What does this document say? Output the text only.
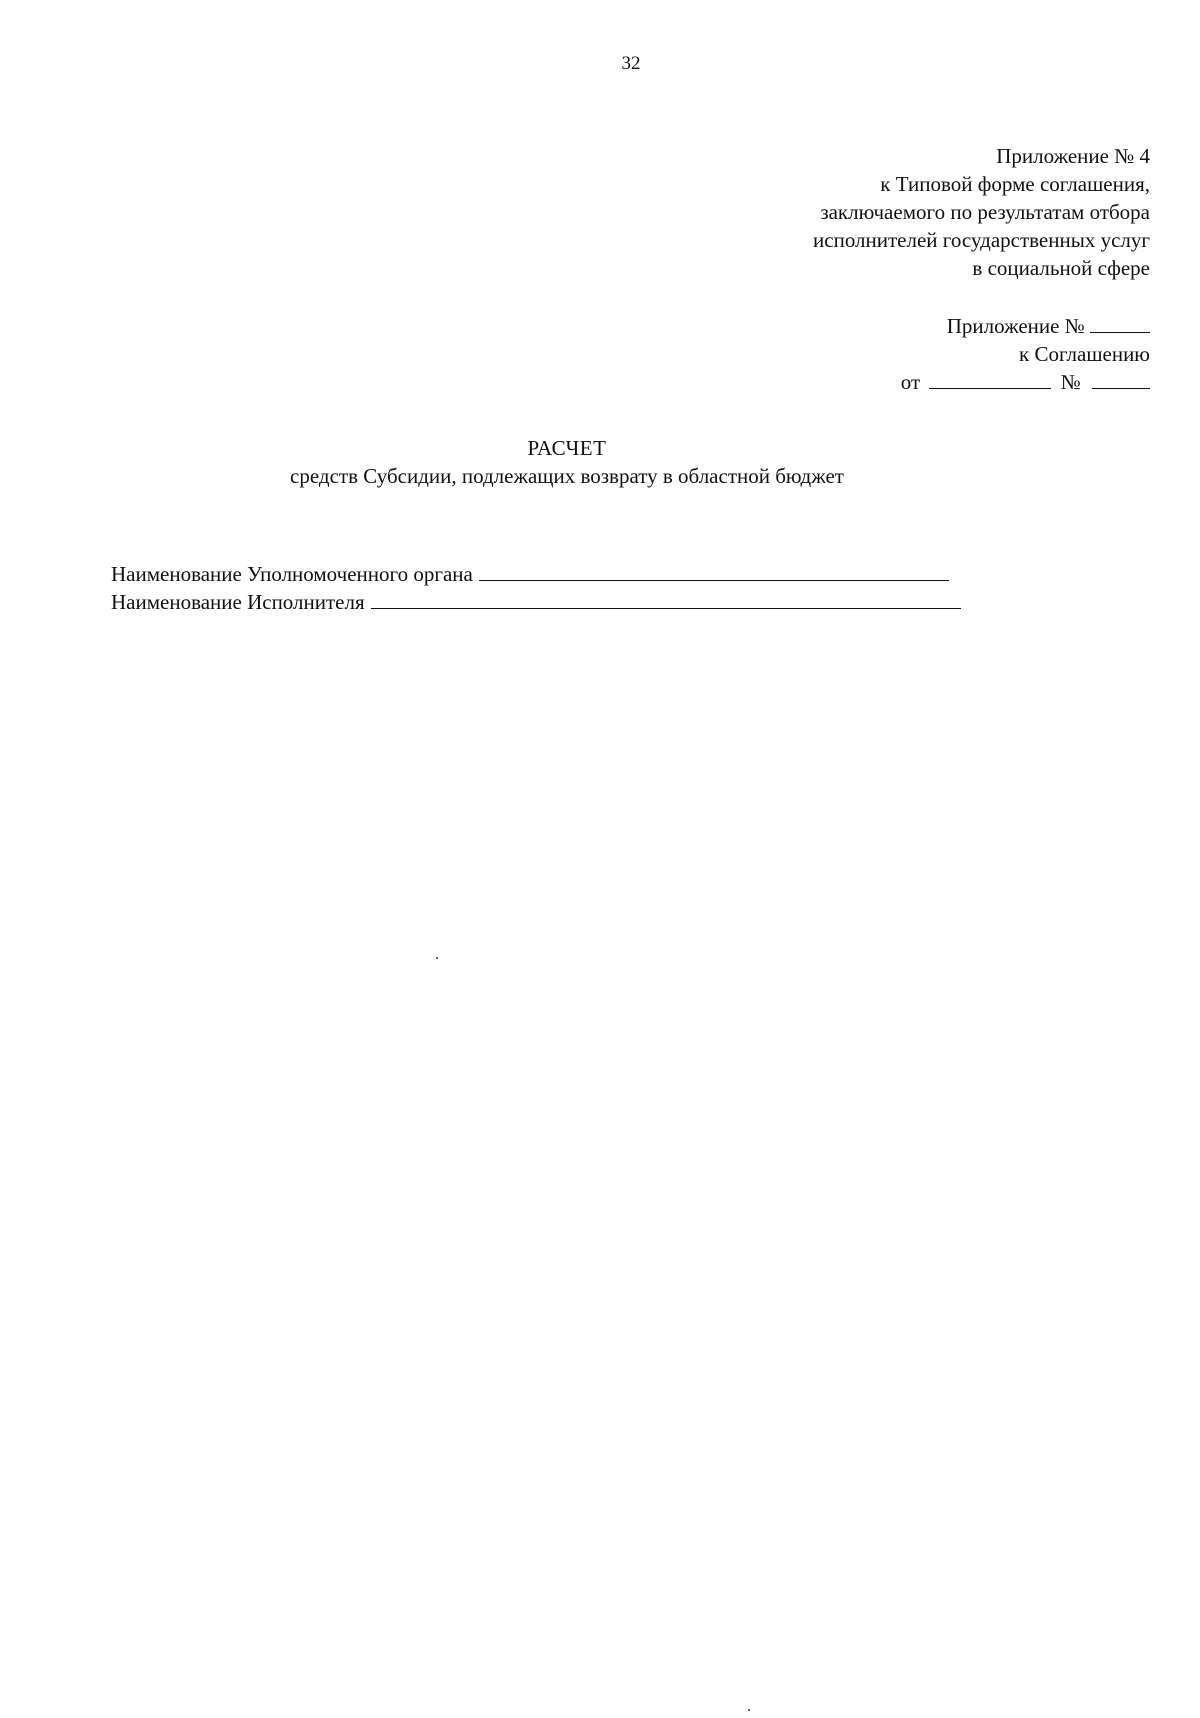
32
Приложение № 4
к Типовой форме соглашения,
заключаемого по результатам отбора
исполнителей государственных услуг
в социальной сфере
Приложение №
к Соглашению
от	№
РАСЧЕТ
средств Субсидии, подлежащих возврату в областной бюджет
Наименование Уполномоченного органа
Наименование Исполнителя
